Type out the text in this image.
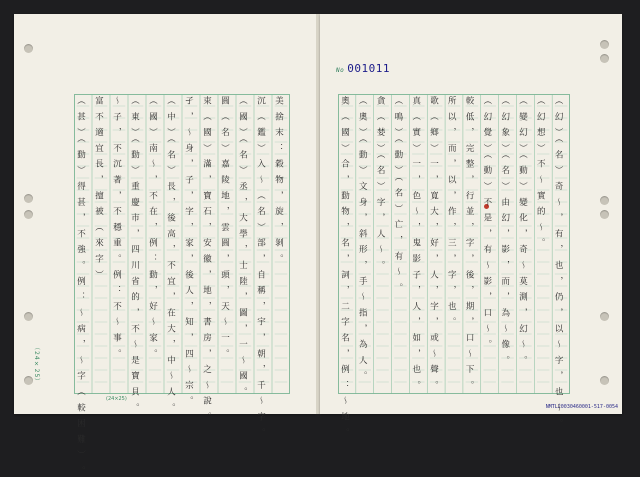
（24×25）
(24×25)
（ 甚 ）（ 動 ） 得 甚 ， 不 強 。 例 ： ～ 病 ， ～ 字 （ 較 困 難 ） 。 富 不 適 宜 長 ， 擅 被 （ 來 字 ） ～ 子 ， 不 沉 著 ， 不 穩 重 。 例 ： 不 ～ 事 。 （ 東 ）（ 動 ） 重 慶 市 ， 四 川 省 的 ， 不 ～ 是 寶 貝 。 （ 國 ） 南 ～ ， 不 在 ， 例 ： 動 ， 好 ～ 家 。 （ 中 ）（ 名 ） 長 ， 後 高 ， 不 宜 ， 在 大 ， 中 ～ 人 。 孑 ， ～ 身 ， 子 ， 字 ， 家 ， 後 人 ， 知 ， 四 ～ 宗 。 束 （ 國 ） 滿 ， 寶 石 ， 安 徽 ， 地 ， 書 房 ， 之 ～ 說 。 圓 （ 名 ） 嘉 陵 地 ， 雲 圓 ， 頭 ， 天 ～ 一 。 （ 國 ）（ 名 ） 丞 ， 大 學 ， 士 陸 ， 圖 ， 一 ～ 國 。 沉 （ 鑑 ） 入 ～ （ 名 ） 部 ， 自 稱 ， 宇 ， 朝 ， 千 ～ 字 。 美 捨 末 ： 穀 物 ， 旋 ， 剝 。
No 001011
NMTL20030460001-517-0054
奧 （ 國 ） 合 ， 動 物 ， 名 ， 詞 ， 二 字 名 ， 例 ： ～ 地 。 （ 奧 ）（ 動 ） 文 身 ， 斜 形 ， 手 ～ 指 ， 為 人 。 貪 （ 婪 ）（ 名 ） 字 ， 人 ～ 。 （ 鳴 ）（ 動 ）（ 名 ） 亡 ， 有 ～ 。 真 （ 實 ） 一 ， 色 ～ ， 鬼 影 子 ， 人 ， 如 ， 也 。 歌 （ 鄉 ） 一 ， 寬 大 ， 好 ， 人 ， 字 ， 或 ～ 聲 。 所 以 ， 而 ， 以 ， 作 ， 三 ， 字 ， 也 。 較 低 ， 完 整 ， 行 並 ， 字 ， 後 ， 期 ， 口 ～ 下 。 （ 幻 覺 ）（ 動 ） 不 是 ， 有 ～ 影 ， 口 ～ 。 （ 幻 象 ）（ 名 ） 由 幻 ， 影 ， 而 ， 為 ～ 像 。 （ 變 幻 ）（ 動 ） 變 化 ， 奇 ～ 莫 測 ， 幻 ～ 。 （ 幻 想 ） 不 ～ 實 的 ～ 。 （ 幻 ）（ 名 ） 奇 ～ ， 有 ， 也 ， 仍 ， 以 ～ 字 ， 也 ～ 。
